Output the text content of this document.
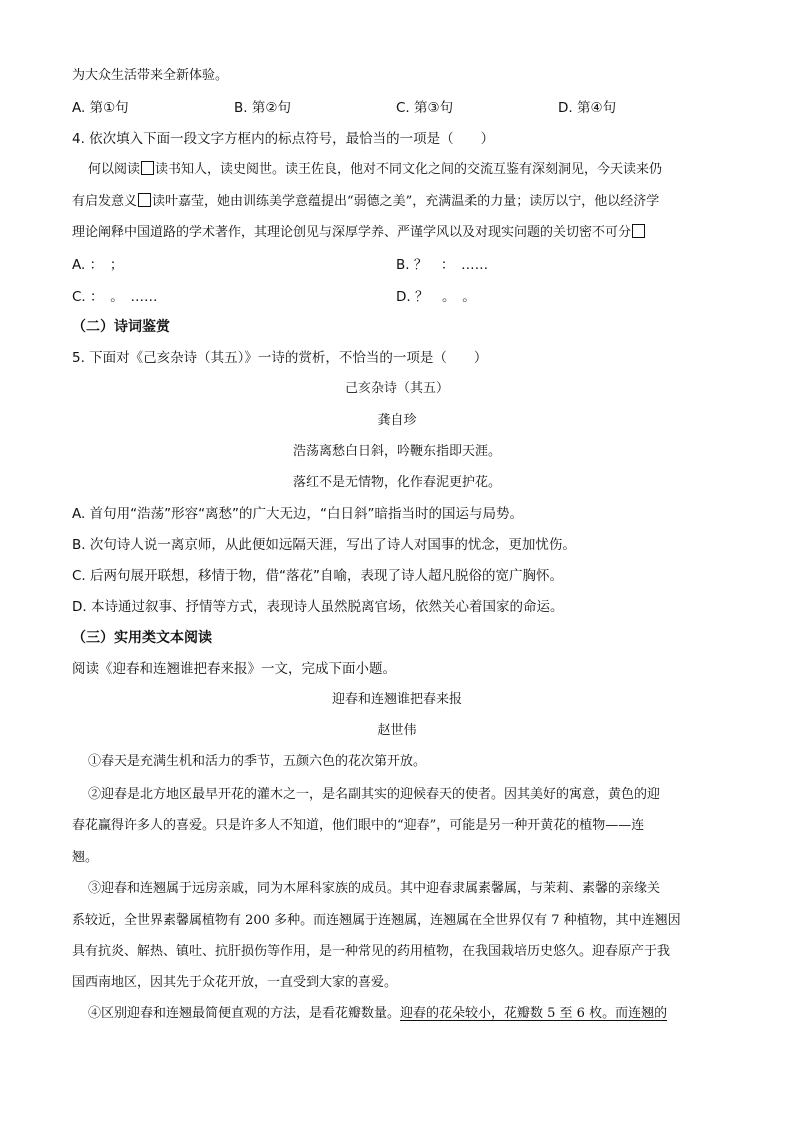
为大众生活带来全新体验。
A. 第①句	B. 第②句	C. 第③句	D. 第④句
4. 依次填入下面一段文字方框内的标点符号，最恰当的一项是（　　）
何以阅读 读书知人，读史阅世。读王佐良，他对不同文化之间的交流互鉴有深刻洞见，今天读来仍
有启发意义 读叶嘉莹，她由训练美学意蕴提出“弱德之美”，充满温柔的力量；读厉以宁，他以经济学
理论阐释中国道路的学术著作，其理论创见与深厚学养、严谨学风以及对现实问题的关切密不可分
A. ：　；	B. ？　：　……
C. ：　。　……	D. ？　。　。
（二）诗词鉴赏
5. 下面对《己亥杂诗（其五）》一诗的赏析，不恰当的一项是（　　）
己亥杂诗（其五）
龚自珍
浩荡离愁白日斜，吟鞭东指即天涯。
落红不是无情物，化作春泥更护花。
A. 首句用“浩荡”形容“离愁”的广大无边，“白日斜”暗指当时的国运与局势。
B. 次句诗人说一离京师，从此便如远隔天涯，写出了诗人对国事的忧念，更加忧伤。
C. 后两句展开联想，移情于物，借“落花”自喻，表现了诗人超凡脱俗的宽广胸怀。
D. 本诗通过叙事、抒情等方式，表现诗人虽然脱离官场，依然关心着国家的命运。
（三）实用类文本阅读
阅读《迎春和连翘谁把春来报》一文，完成下面小题。
迎春和连翘谁把春来报
赵世伟
①春天是充满生机和活力的季节，五颜六色的花次第开放。
②迎春是北方地区最早开花的灌木之一，是名副其实的迎候春天的使者。因其美好的寓意，黄色的迎
春花赢得许多人的喜爱。只是许多人不知道，他们眼中的“迎春”，可能是另一种开黄花的植物——连
翘。
③迎春和连翘属于远房亲戚，同为木犀科家族的成员。其中迎春隶属素馨属，与茉莉、素馨的亲缘关
系较近，全世界素馨属植物有 200 多种。而连翘属于连翘属，连翘属在全世界仅有 7 种植物，其中连翘因
具有抗炎、解热、镇吐、抗肝损伤等作用，是一种常见的药用植物，在我国栽培历史悠久。迎春原产于我
国西南地区，因其先于众花开放，一直受到大家的喜爱。
④区别迎春和连翘最简便直观的方法，是看花瓣数量。迎春的花朵较小，花瓣数 5 至 6 枚。而连翘的
